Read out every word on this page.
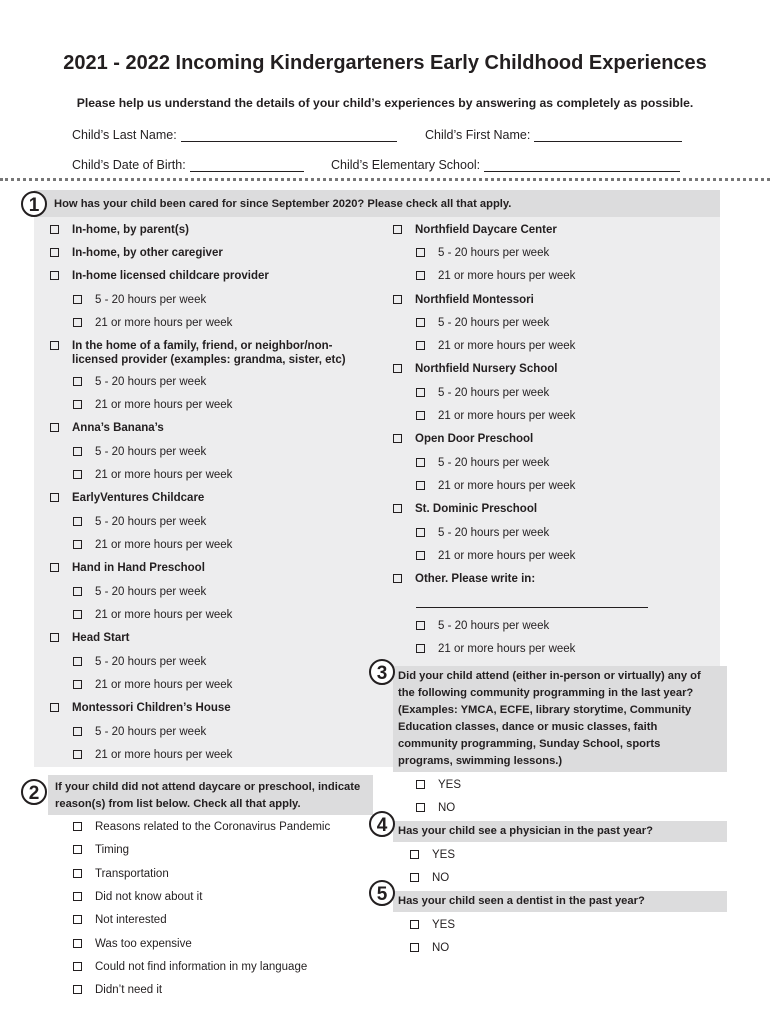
2021 - 2022 Incoming Kindergarteners Early Childhood Experiences
Please help us understand the details of your child’s experiences by answering as completely as possible.
Child’s Last Name:	Child’s First Name:
Child’s Date of Birth:	Child’s Elementary School:
1	How has your child been cared for since September 2020? Please check all that apply.
In-home, by parent(s)
In-home, by other caregiver
In-home licensed childcare provider
5 - 20 hours per week
21 or more hours per week
In the home of a family, friend, or neighbor/non-licensed provider (examples: grandma, sister, etc)
5 - 20 hours per week
21 or more hours per week
Anna’s Banana’s
5 - 20 hours per week
21 or more hours per week
EarlyVentures Childcare
5 - 20 hours per week
21 or more hours per week
Hand in Hand Preschool
5 - 20 hours per week
21 or more hours per week
Head Start
5 - 20 hours per week
21 or more hours per week
Montessori Children’s House
5 - 20 hours per week
21 or more hours per week
Northfield Daycare Center
5 - 20 hours per week
21 or more hours per week
Northfield Montessori
5 - 20 hours per week
21 or more hours per week
Northfield Nursery School
5 - 20 hours per week
21 or more hours per week
Open Door Preschool
5 - 20 hours per week
21 or more hours per week
St. Dominic Preschool
5 - 20 hours per week
21 or more hours per week
Other. Please write in:
5 - 20 hours per week
21 or more hours per week
2	If your child did not attend daycare or preschool, indicate reason(s) from list below. Check all that apply.
Reasons related to the Coronavirus Pandemic
Timing
Transportation
Did not know about it
Not interested
Was too expensive
Could not find information in my language
Didn’t need it
3 Did your child attend (either in-person or virtually) any of the following community programming in the last year? (Examples: YMCA, ECFE, library storytime, Community Education classes, dance or music classes, faith community programming, Sunday School, sports programs, swimming lessons.)
YES
NO
4 Has your child see a physician in the past year?
YES
NO
5 Has your child seen a dentist in the past year?
YES
NO
